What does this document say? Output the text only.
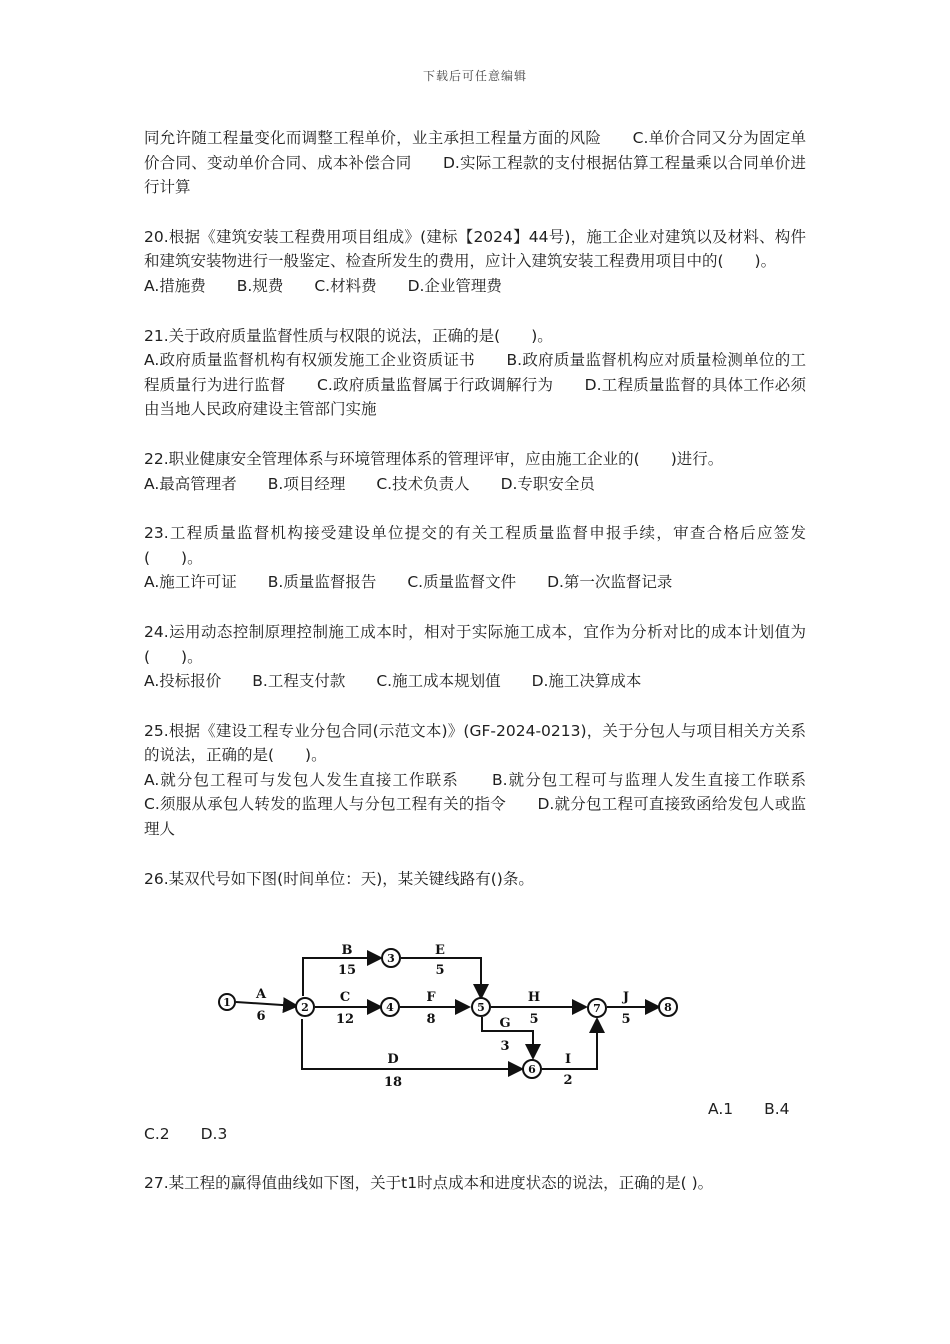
下载后可任意编辑

同允许随工程量变化而调整工程单价，业主承担工程量方面的风险　　C.单价合同又分为固定单价合同、变动单价合同、成本补偿合同　　D.实际工程款的支付根据估算工程量乘以合同单价进行计算

20.根据《建筑安装工程费用项目组成》(建标【2024】44号)，施工企业对建筑以及材料、构件和建筑安装物进行一般鉴定、检查所发生的费用，应计入建筑安装工程费用项目中的(　　)。

A.措施费　　B.规费　　C.材料费　　D.企业管理费

21.关于政府质量监督性质与权限的说法，正确的是(　　)。

A.政府质量监督机构有权颁发施工企业资质证书　　B.政府质量监督机构应对质量检测单位的工程质量行为进行监督　　C.政府质量监督属于行政调解行为　　D.工程质量监督的具体工作必须由当地人民政府建设主管部门实施

22.职业健康安全管理体系与环境管理体系的管理评审，应由施工企业的(　　)进行。

A.最高管理者　　B.项目经理　　C.技术负责人　　D.专职安全员

23.工程质量监督机构接受建设单位提交的有关工程质量监督申报手续，审查合格后应签发(　　)。

A.施工许可证　　B.质量监督报告　　C.质量监督文件　　D.第一次监督记录

24.运用动态控制原理控制施工成本时，相对于实际施工成本，宜作为分析对比的成本计划值为(　　)。

A.投标报价　　B.工程支付款　　C.施工成本规划值　　D.施工决算成本

25.根据《建设工程专业分包合同(示范文本)》(GF-2024-0213)，关于分包人与项目相关方关系的说法，正确的是(　　)。

A.就分包工程可与发包人发生直接工作联系　　B.就分包工程可与监理人发生直接工作联系　　C.须服从承包人转发的监理人与分包工程有关的指令　　D.就分包工程可直接致函给发包人或监理人

26.某双代号如下图(时间单位：天)，某关键线路有()条。

1	2
3
4	5
6
7	8
A
6
B
15
C
12
D
18
E
5
F
8	G
3
H
5
I
2
J
5
A.1　　B.4
C.2　　D.3
27.某工程的赢得值曲线如下图，关于t1时点成本和进度状态的说法，正确的是( )。
